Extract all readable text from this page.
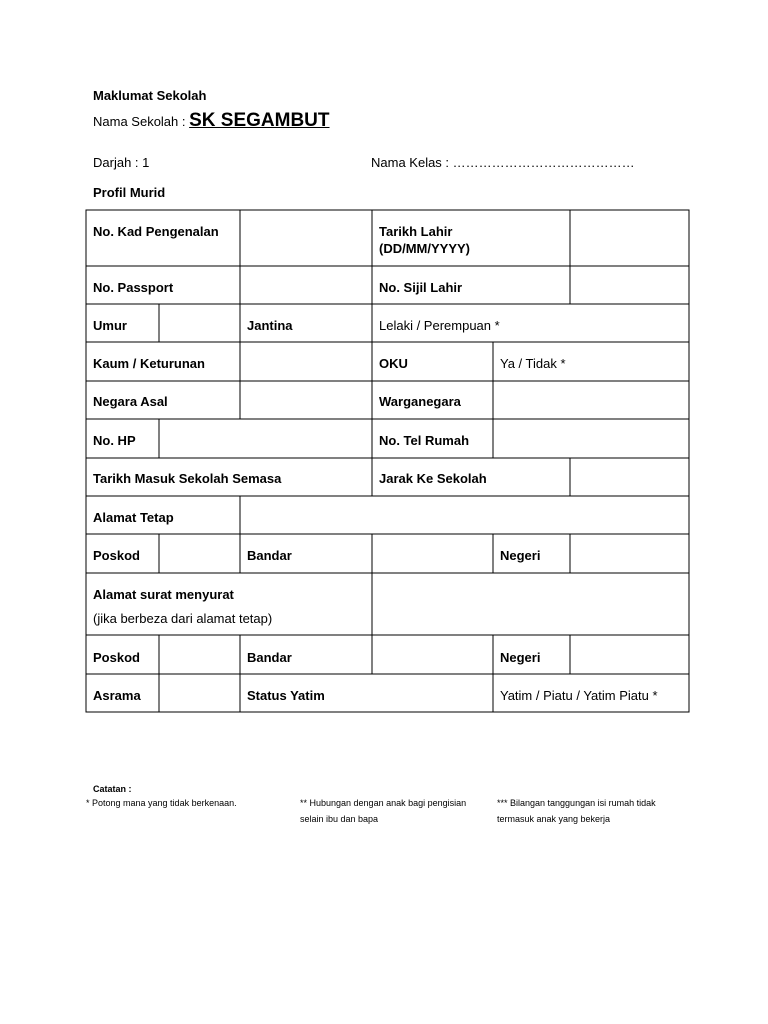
Maklumat Sekolah
Nama Sekolah : SK SEGAMBUT
Darjah : 1	Nama Kelas : ……………………………………
Profil Murid
No. Kad Pengenalan	Tarikh Lahir
(DD/MM/YYYY)
No. Passport	No. Sijil Lahir
Umur	Jantina	Lelaki / Perempuan *
Kaum / Keturunan	OKU	Ya / Tidak *
Negara Asal	Warganegara
No. HP	No. Tel Rumah
Tarikh Masuk Sekolah Semasa	Jarak Ke Sekolah
Alamat Tetap
Poskod	Bandar	Negeri
Alamat surat menyurat
(jika berbeza dari alamat tetap)
Poskod	Bandar	Negeri
Asrama	Status Yatim	Yatim / Piatu / Yatim Piatu *
Catatan :
* Potong mana yang tidak berkenaan.	** Hubungan dengan anak bagi pengisian
selain ibu dan bapa
*** Bilangan tanggungan isi rumah tidak
termasuk anak yang bekerja
